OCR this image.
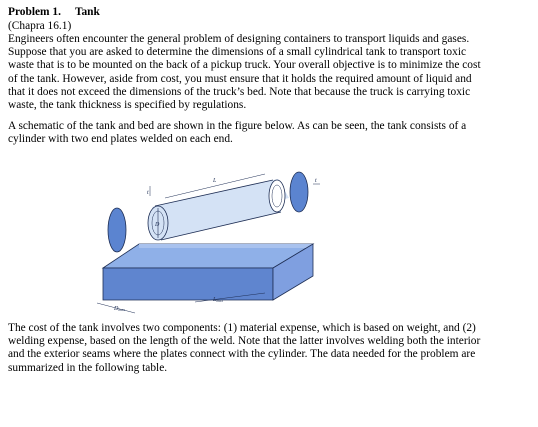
Problem 1. Tank
(Chapra 16.1)

Engineers often encounter the general problem of designing containers to transport liquids and gases.
Suppose that you are asked to determine the dimensions of a small cylindrical tank to transport toxic
waste that is to be mounted on the back of a pickup truck. Your overall objective is to minimize the cost
of the tank. However, aside from cost, you must ensure that it holds the required amount of liquid and
that it does not exceed the dimensions of the truck’s bed. Note that because the truck is carrying toxic
waste, the tank thickness is specified by regulations.

A schematic of the tank and bed are shown in the figure below. As can be seen, the tank consists of a
cylinder with two end plates welded on each end.

D
L
t
t
Dmax
Lmax

The cost of the tank involves two components: (1) material expense, which is based on weight, and (2)
welding expense, based on the length of the weld. Note that the latter involves welding both the interior
and the exterior seams where the plates connect with the cylinder. The data needed for the problem are
summarized in the following table.
